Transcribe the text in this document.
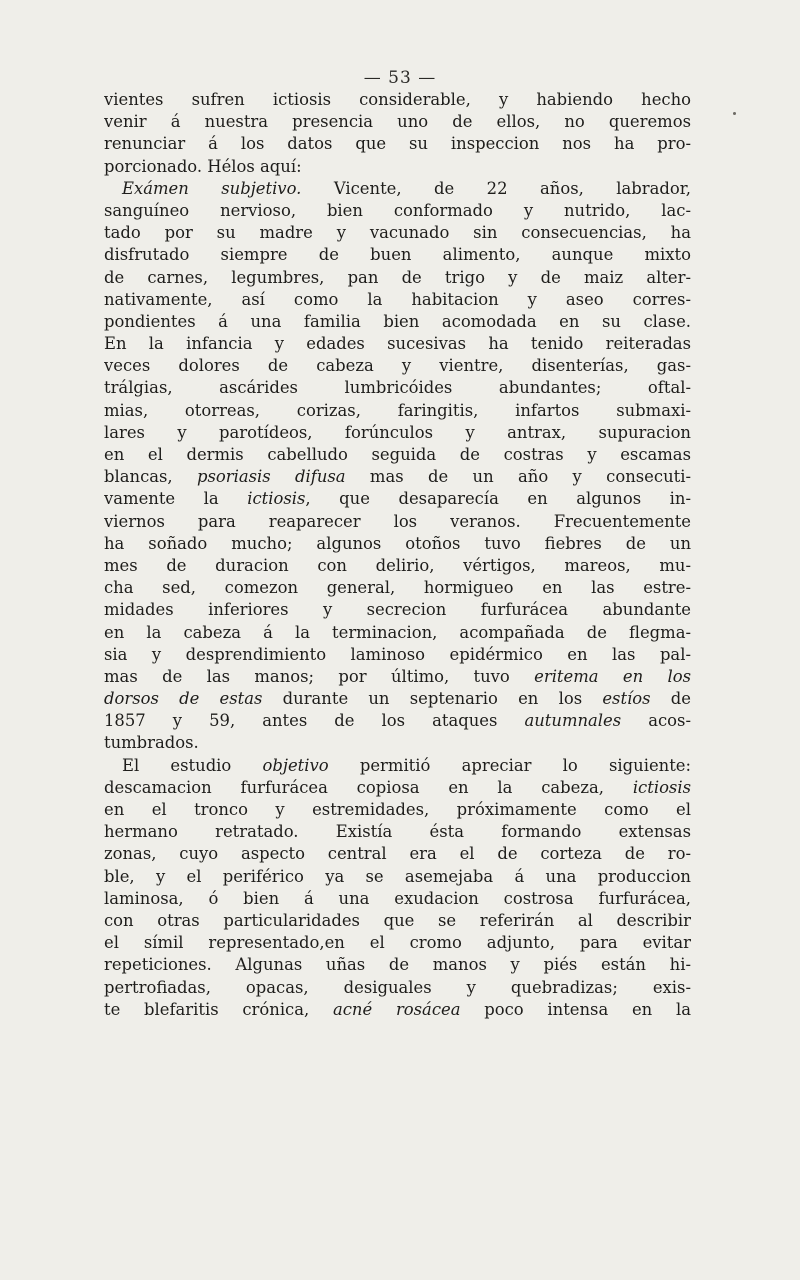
— 53 —
vientes sufren ictiosis considerable, y habiendo hecho
venir á nuestra presencia uno de ellos, no queremos
renunciar á los datos que su inspeccion nos ha pro-
porcionado. Hélos aquí:
Exámen subjetivo. Vicente, de 22 años, labrador,
sanguíneo nervioso, bien conformado y nutrido, lac-
tado por su madre y vacunado sin consecuencias, ha
disfrutado siempre de buen alimento, aunque mixto
de carnes, legumbres, pan de trigo y de maiz alter-
nativamente, así como la habitacion y aseo corres-
pondientes á una familia bien acomodada en su clase.
En la infancia y edades sucesivas ha tenido reiteradas
veces dolores de cabeza y vientre, disenterías, gas-
trálgias, ascárides lumbricóides abundantes; oftal-
mias, otorreas, corizas, faringitis, infartos submaxi-
lares y parotídeos, forúnculos y antrax, supuracion
en el dermis cabelludo seguida de costras y escamas
blancas, psoriasis difusa mas de un año y consecuti-
vamente la ictiosis, que desaparecía en algunos in-
viernos para reaparecer los veranos. Frecuentemente
ha soñado mucho; algunos otoños tuvo fiebres de un
mes de duracion con delirio, vértigos, mareos, mu-
cha sed, comezon general, hormigueo en las estre-
midades inferiores y secrecion furfurácea abundante
en la cabeza á la terminacion, acompañada de flegma-
sia y desprendimiento laminoso epidérmico en las pal-
mas de las manos; por último, tuvo eritema en los
dorsos de estas durante un septenario en los estíos de
1857 y 59, antes de los ataques autumnales acos-
tumbrados.
El estudio objetivo permitió apreciar lo siguiente:
descamacion furfurácea copiosa en la cabeza, ictiosis
en el tronco y estremidades, próximamente como el
hermano retratado. Existía ésta formando extensas
zonas, cuyo aspecto central era el de corteza de ro-
ble, y el periférico ya se asemejaba á una produccion
laminosa, ó bien á una exudacion costrosa furfurácea,
con otras particularidades que se referirán al describir
el símil representado,en el cromo adjunto, para evitar
repeticiones. Algunas uñas de manos y piés están hi-
pertrofiadas, opacas, desiguales y quebradizas; exis-
te blefaritis crónica, acné rosácea poco intensa en la
